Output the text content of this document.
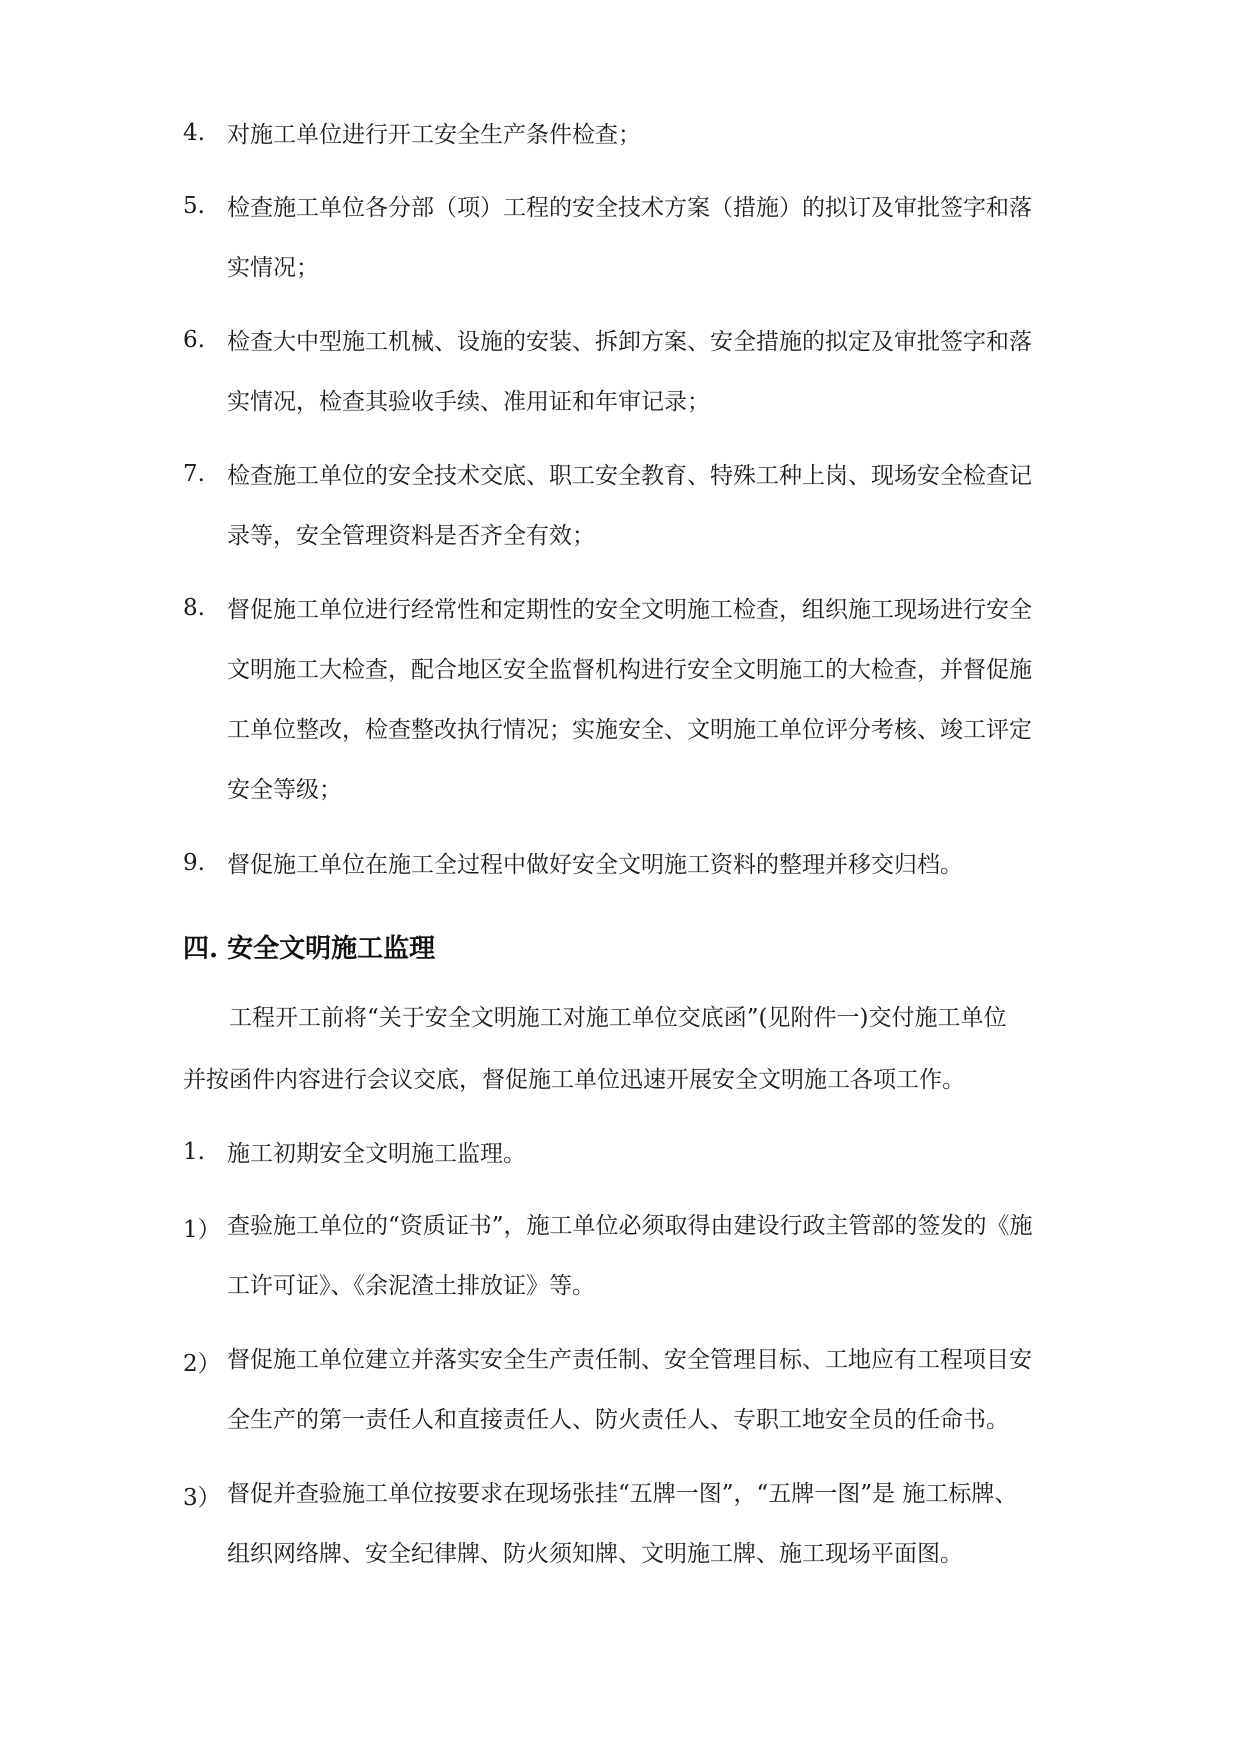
4. 对施工单位进行开工安全生产条件检查；
5. 检查施工单位各分部（项）工程的安全技术方案（措施）的拟订及审批签字和落
实情况；
6. 检查大中型施工机械、设施的安装、拆卸方案、安全措施的拟定及审批签字和落
实情况，检查其验收手续、准用证和年审记录；
7. 检查施工单位的安全技术交底、职工安全教育、特殊工种上岗、现场安全检查记
录等，安全管理资料是否齐全有效；
8. 督促施工单位进行经常性和定期性的安全文明施工检查，组织施工现场进行安全
文明施工大检查，配合地区安全监督机构进行安全文明施工的大检查，并督促施
工单位整改，检查整改执行情况；实施安全、文明施工单位评分考核、竣工评定
安全等级；
9. 督促施工单位在施工全过程中做好安全文明施工资料的整理并移交归档。
四. 安全文明施工监理
工程开工前将“关于安全文明施工对施工单位交底函”(见附件一)交付施工单位
并按函件内容进行会议交底，督促施工单位迅速开展安全文明施工各项工作。
1. 施工初期安全文明施工监理。
1） 查验施工单位的“资质证书”，施工单位必须取得由建设行政主管部的签发的《施
工许可证》、《余泥渣土排放证》等。
2） 督促施工单位建立并落实安全生产责任制、安全管理目标、工地应有工程项目安
全生产的第一责任人和直接责任人、防火责任人、专职工地安全员的任命书。
3） 督促并查验施工单位按要求在现场张挂“五牌一图”，“五牌一图”是 施工标牌、
组织网络牌、安全纪律牌、防火须知牌、文明施工牌、施工现场平面图。
